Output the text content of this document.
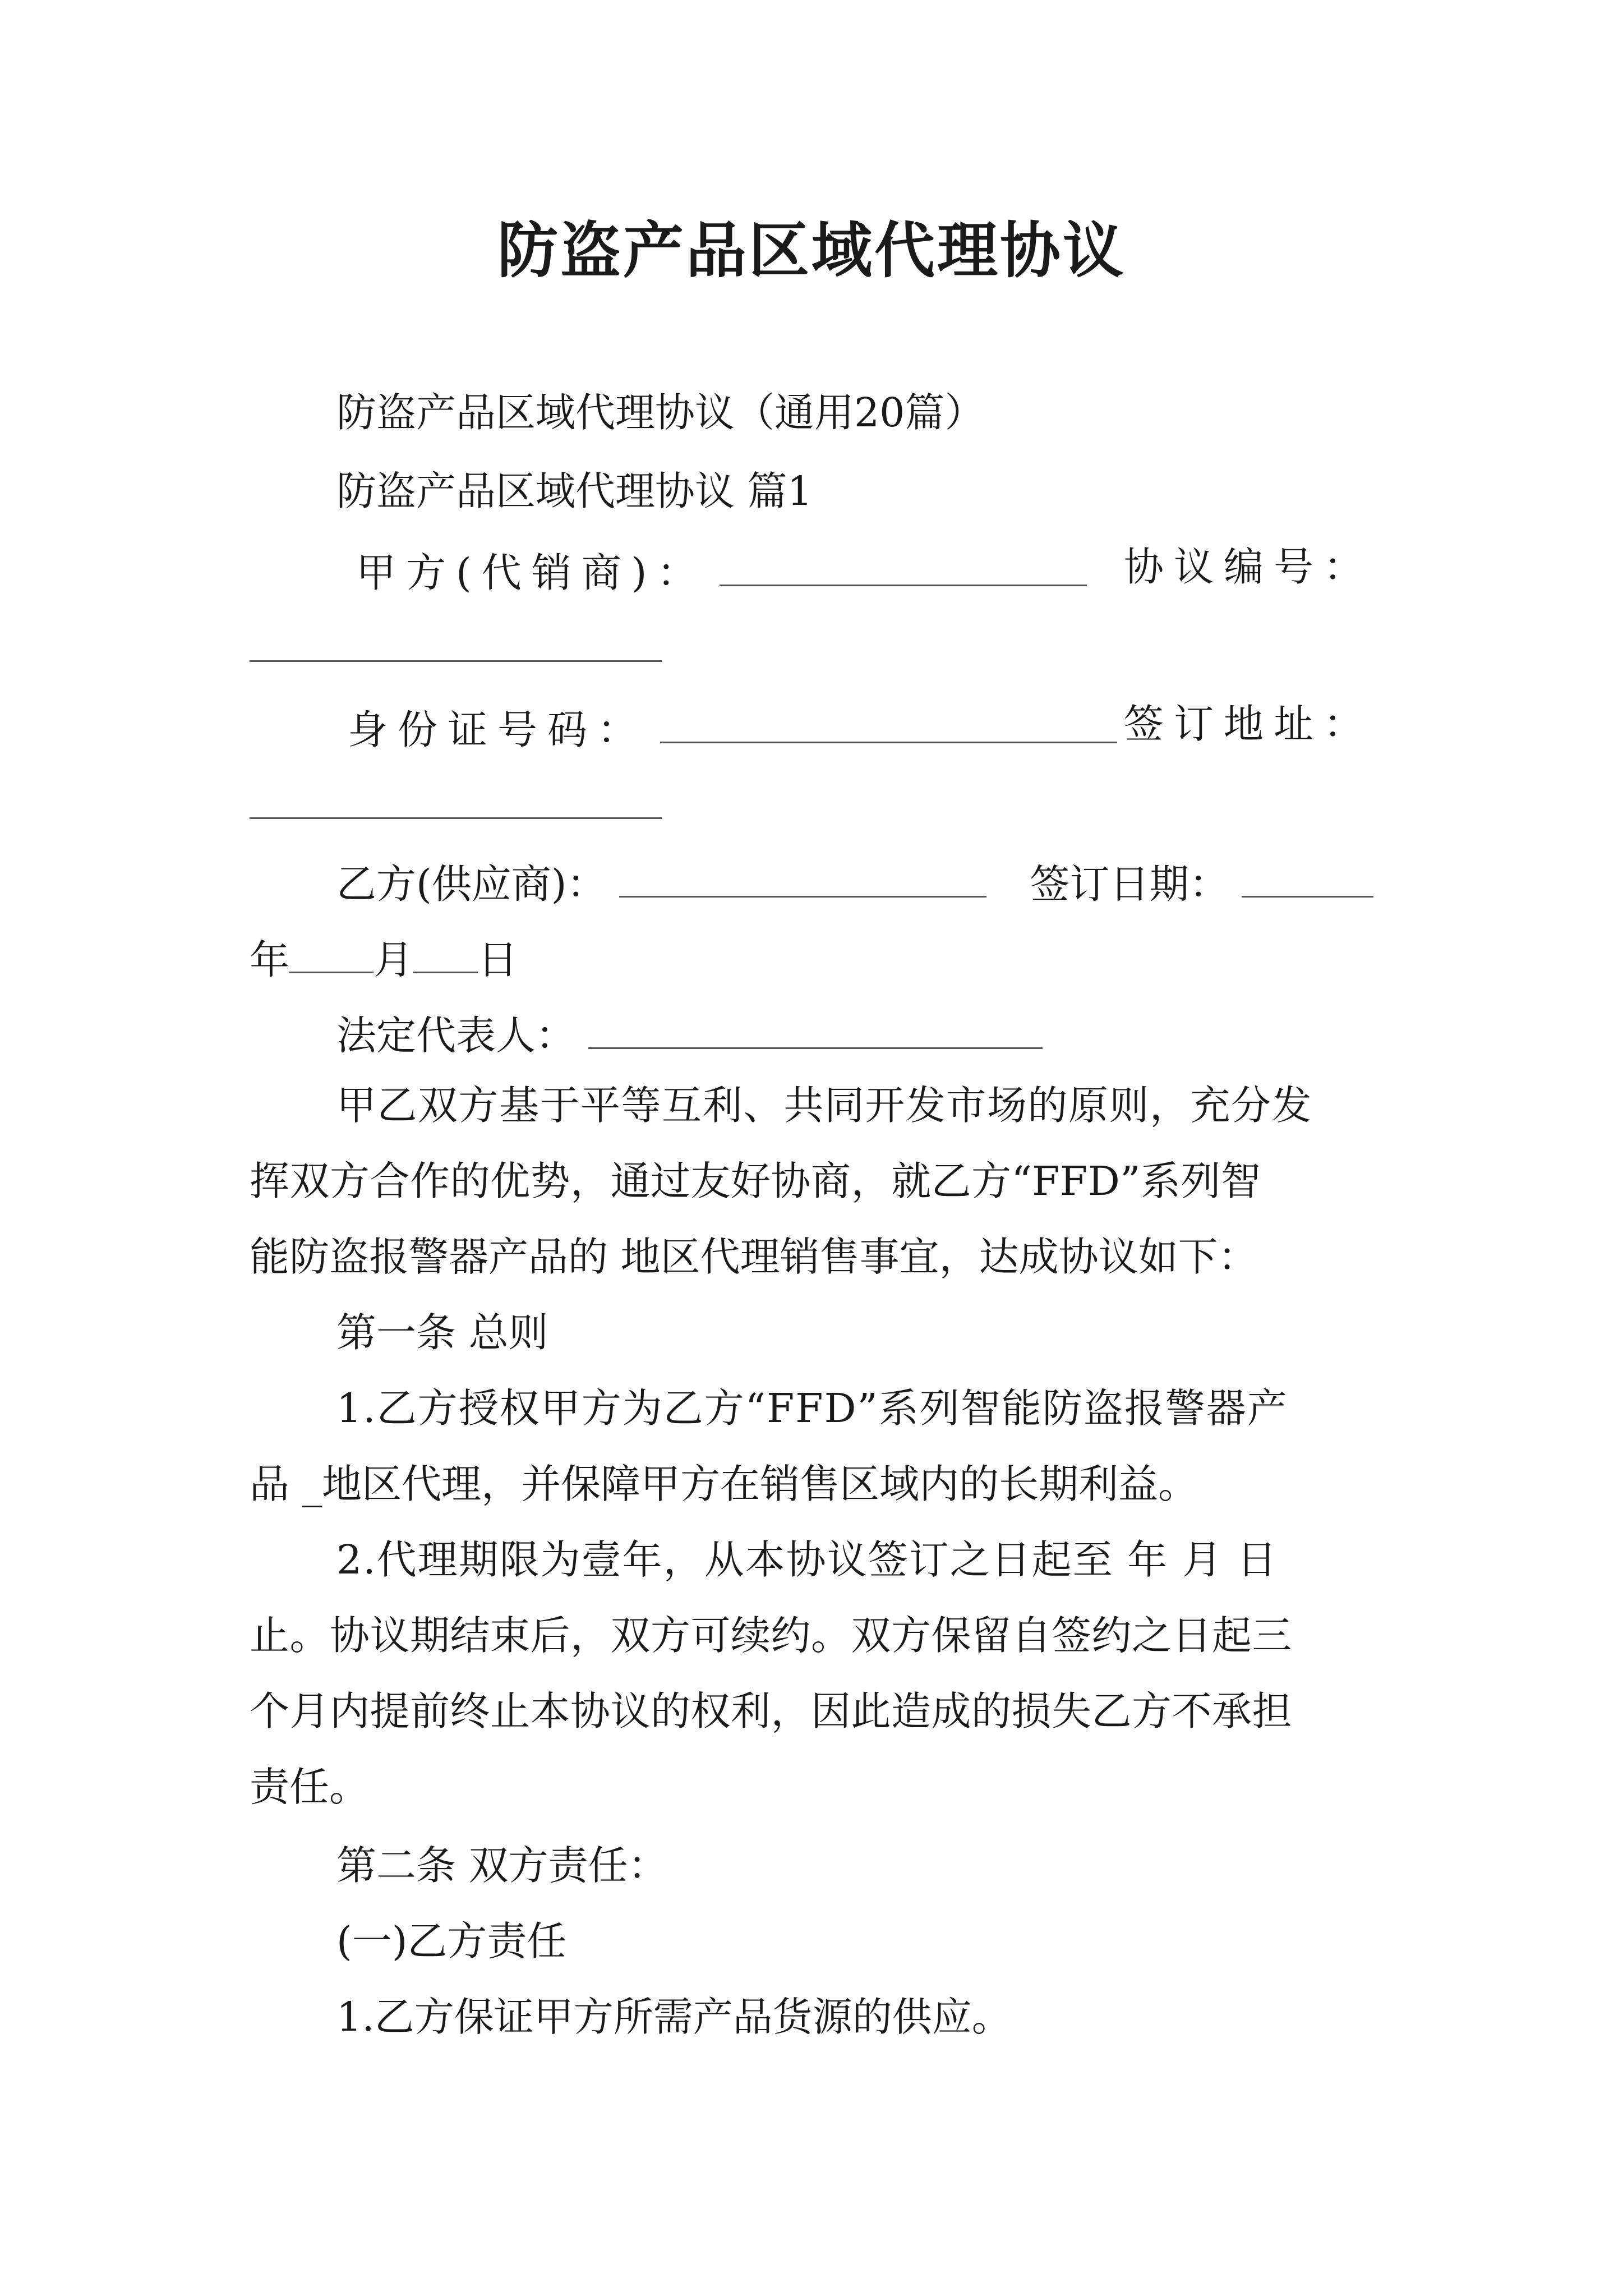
防盗产品区域代理协议
防盗产品区域代理协议（通用20篇）
防盗产品区域代理协议 篇1
甲方(代销商)：	协议编号：
身份证号码：	签订地址：
乙方(供应商)：	签订日期：
年 月 日
法定代表人：
甲乙双方基于平等互利、共同开发市场的原则，充分发
挥双方合作的优势，通过友好协商，就乙方“FFD”系列智
能防盗报警器产品的 地区代理销售事宜，达成协议如下：
第一条 总则
1.乙方授权甲方为乙方“FFD”系列智能防盗报警器产
品 _地区代理，并保障甲方在销售区域内的长期利益。
2.代理期限为壹年，从本协议签订之日起至 年 月 日
止。协议期结束后，双方可续约。双方保留自签约之日起三
个月内提前终止本协议的权利，因此造成的损失乙方不承担
责任。
第二条 双方责任：
(一)乙方责任
1.乙方保证甲方所需产品货源的供应。
